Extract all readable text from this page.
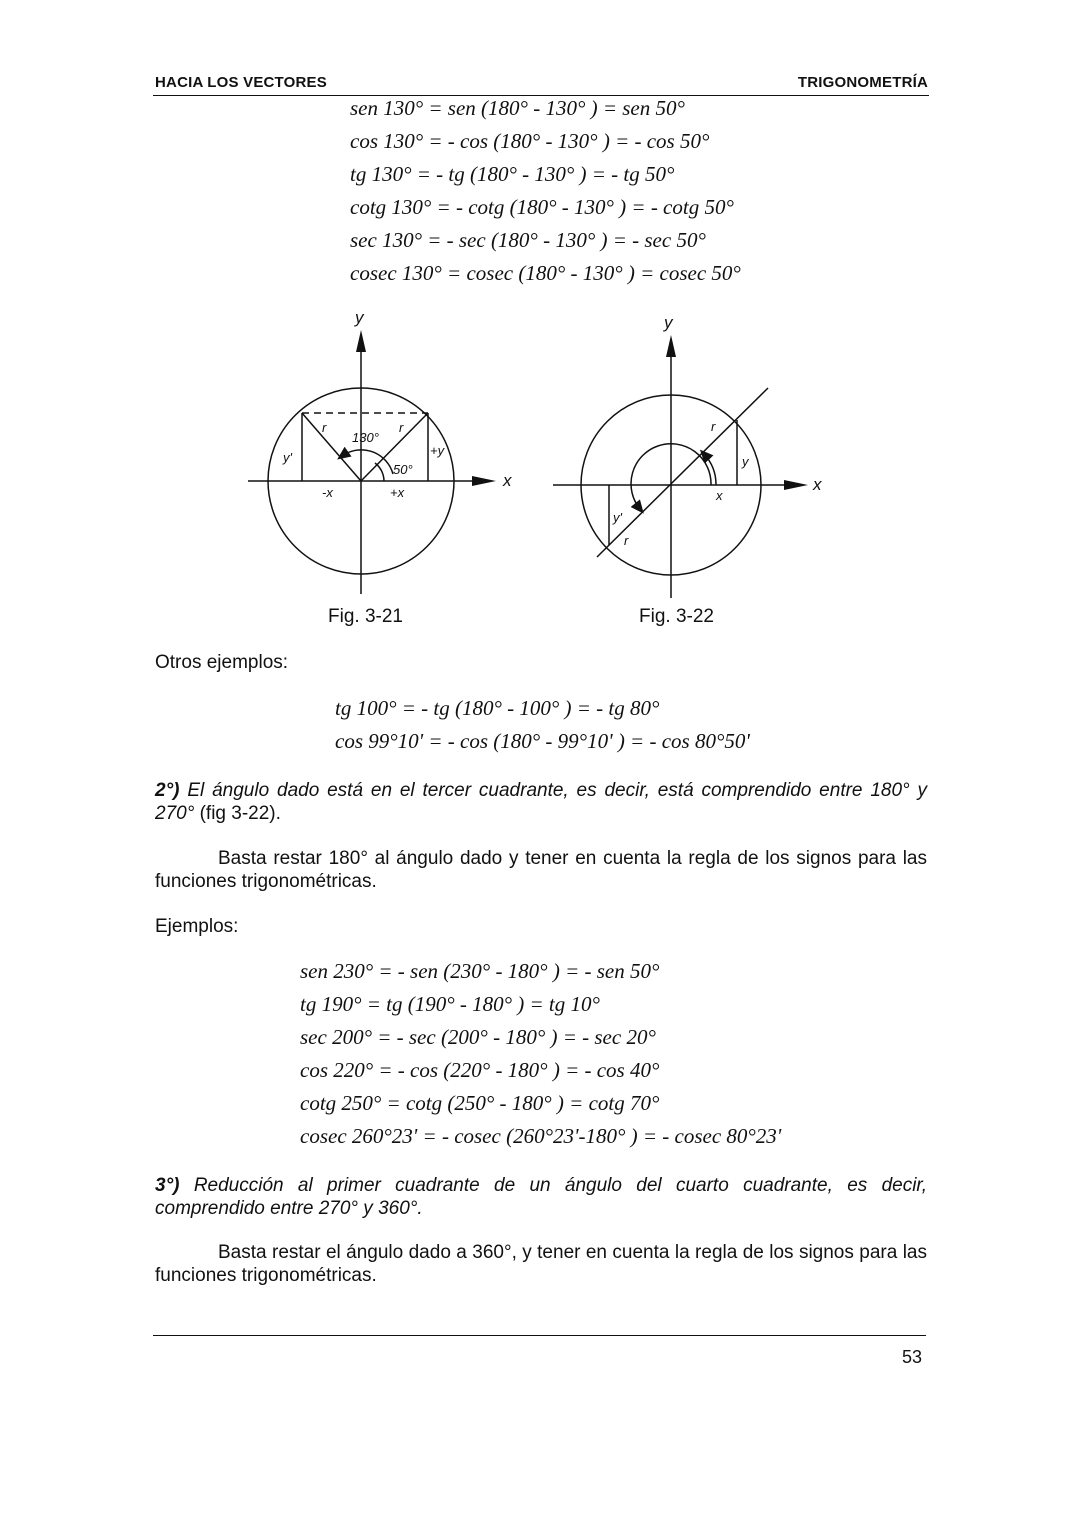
HACIA LOS VECTORES	TRIGONOMETRÍA
sen 130° = sen (180° - 130° ) = sen 50°
cos 130° = - cos (180° - 130° ) = - cos 50°
tg 130° = - tg (180° - 130° ) = - tg 50°
cotg 130° = - cotg (180° - 130° ) = - cotg 50°
sec 130° = - sec (180° - 130° ) = - sec 50°
cosec 130° = cosec (180° - 130° ) = cosec 50°
y
x
r	r
130°
50°
+y
y'
-x	+x
y
x
r
r
y
x
y'
Fig. 3-21	Fig. 3-22
Otros ejemplos:
tg 100° = - tg (180° - 100° ) = - tg 80°
cos 99°10' = - cos (180° - 99°10' ) = - cos 80°50'
2°) El ángulo dado está en el tercer cuadrante, es decir, está comprendido entre 180° y 270° (fig 3-22).
Basta restar 180° al ángulo dado y tener en cuenta la regla de los signos para las funciones trigonométricas.
Ejemplos:
sen 230° = - sen (230° - 180° ) = - sen 50°
tg 190° = tg (190° - 180° ) = tg 10°
sec 200° = - sec (200° - 180° ) = - sec 20°
cos 220° = - cos (220° - 180° ) = - cos 40°
cotg 250° = cotg (250° - 180° ) = cotg 70°
cosec 260°23' = - cosec (260°23'-180° ) = - cosec 80°23'
3°) Reducción al primer cuadrante de un ángulo del cuarto cuadrante, es decir, comprendido entre 270° y 360°.
Basta restar el ángulo dado a 360°, y tener en cuenta la regla de los signos para las funciones trigonométricas.
53
